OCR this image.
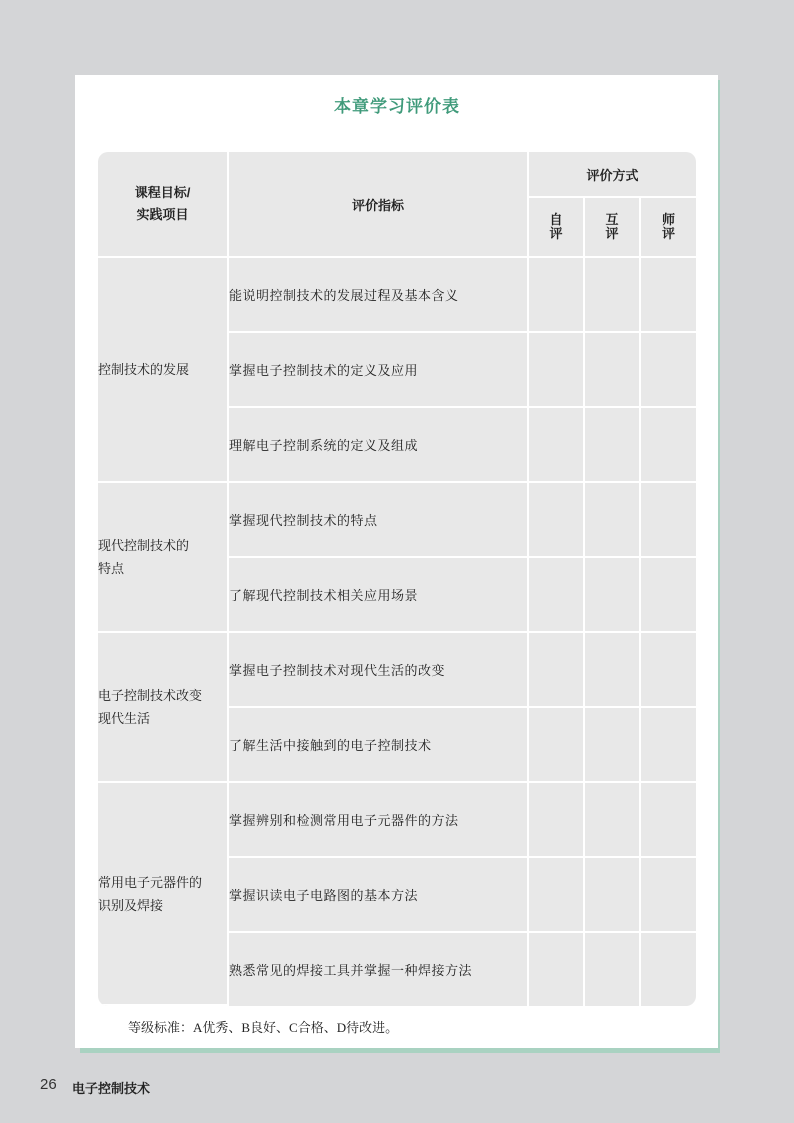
本章学习评价表
课程目标/
实践项目	评价指标	评价方式		
		自评	互评	师评
控制技术的发展	能说明控制技术的发展过程及基本含义			
	掌握电子控制技术的定义及应用			
	理解电子控制系统的定义及组成			
现代控制技术的
特点	掌握现代控制技术的特点			
	了解现代控制技术相关应用场景			
电子控制技术改变
现代生活	掌握电子控制技术对现代生活的改变			
	了解生活中接触到的电子控制技术			
常用电子元器件的
识别及焊接	掌握辨别和检测常用电子元器件的方法			
	掌握识读电子电路图的基本方法			
	熟悉常见的焊接工具并掌握一种焊接方法			
等级标准：A优秀、B良好、C合格、D待改进。
26 电子控制技术
